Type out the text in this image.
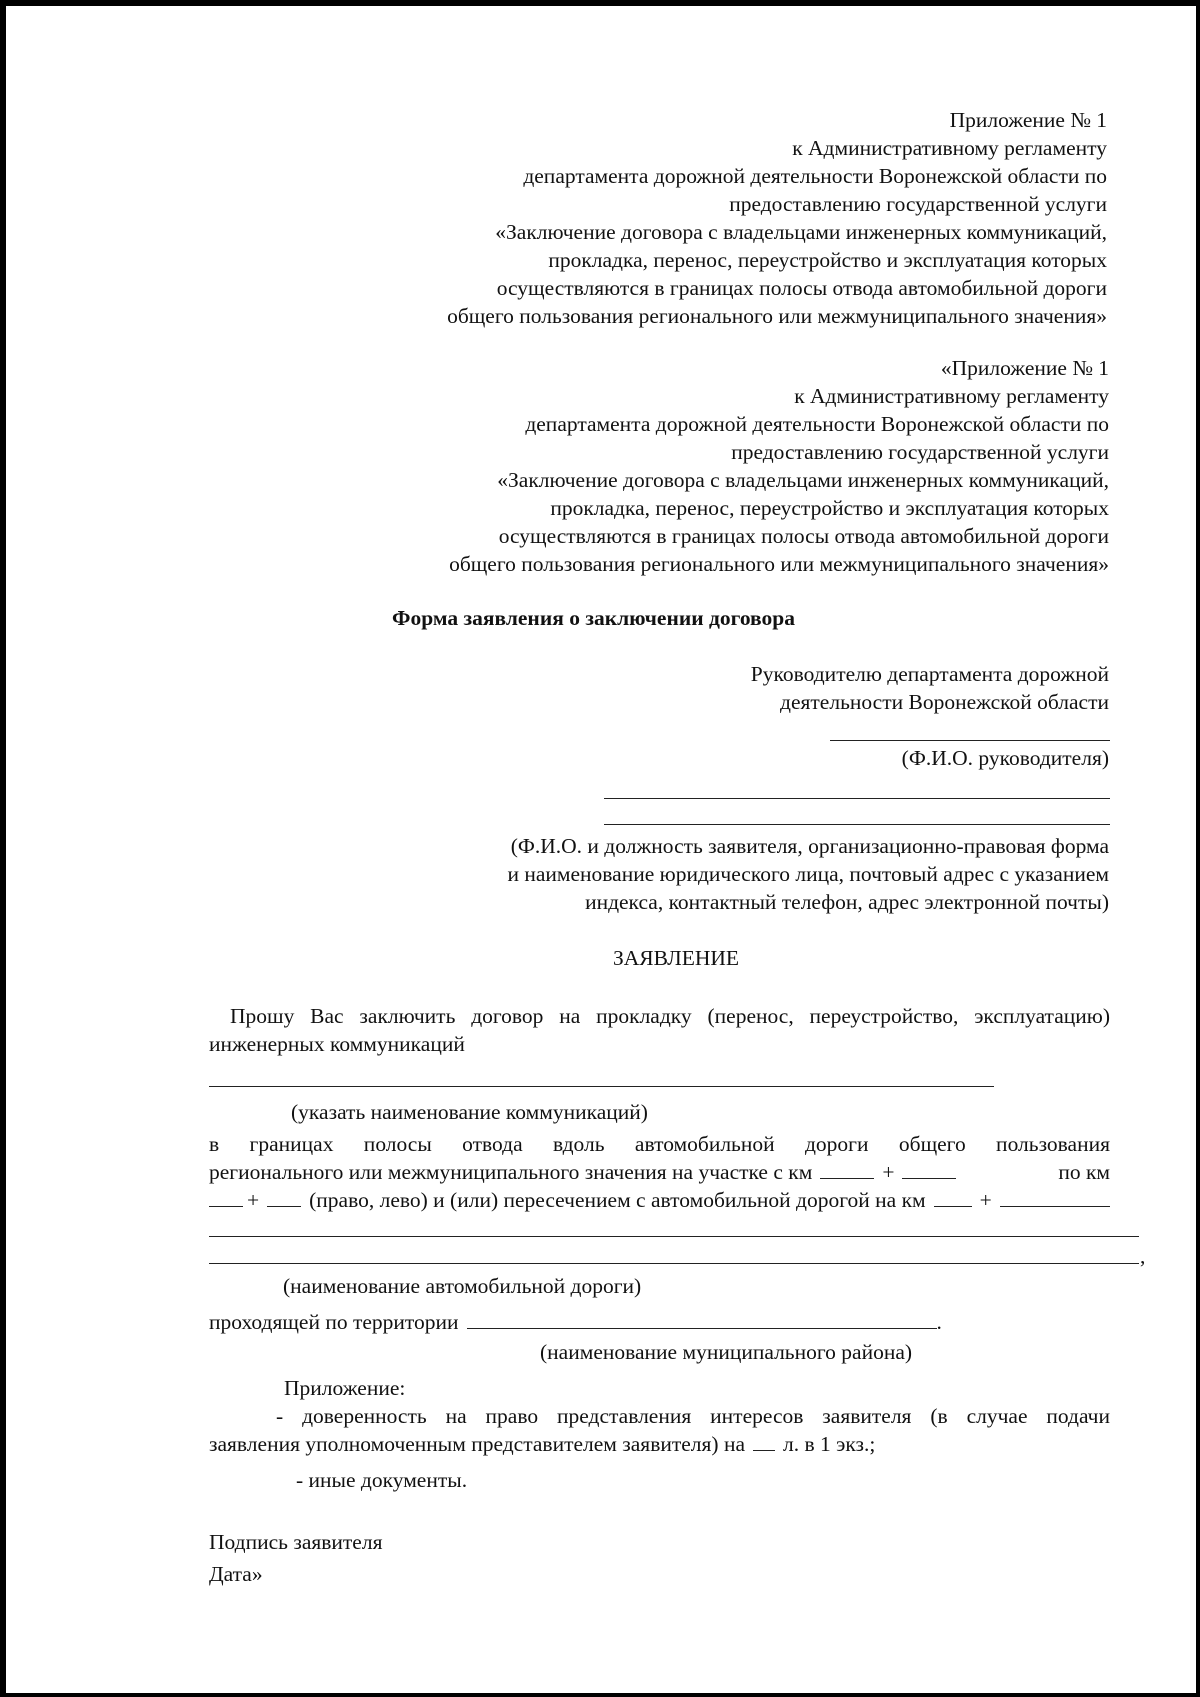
Приложение № 1
к Административному регламенту
департамента дорожной деятельности Воронежской области по
предоставлению государственной услуги
«Заключение договора с владельцами инженерных коммуникаций,
прокладка, перенос, переустройство и эксплуатация которых
осуществляются в границах полосы отвода автомобильной дороги
общего пользования регионального или межмуниципального значения»
«Приложение № 1
к Административному регламенту
департамента дорожной деятельности Воронежской области по
предоставлению государственной услуги
«Заключение договора с владельцами инженерных коммуникаций,
прокладка, перенос, переустройство и эксплуатация которых
осуществляются в границах полосы отвода автомобильной дороги
общего пользования регионального или межмуниципального значения»
Форма заявления о заключении договора
Руководителю департамента дорожной
деятельности Воронежской области
(Ф.И.О. руководителя)
(Ф.И.О. и должность заявителя, организационно-правовая форма
и наименование юридического лица, почтовый адрес с указанием
индекса, контактный телефон, адрес электронной почты)
ЗАЯВЛЕНИЕ
Прошу Вас заключить договор на прокладку (перенос, переустройство, эксплуатацию)
инженерных коммуникаций
(указать наименование коммуникаций)
в границах полосы отвода вдоль автомобильной дороги общего пользования
регионального или межмуниципального значения на участке с км	+	по км
+ (право, лево) и (или) пересечением с автомобильной дорогой на км	+
,
(наименование автомобильной дороги)
проходящей по территории	.
(наименование муниципального района)
Приложение:
- доверенность на право представления интересов заявителя (в случае подачи
заявления уполномоченным представителем заявителя) на л. в 1 экз.;
- иные документы.
Подпись заявителя
Дата»
